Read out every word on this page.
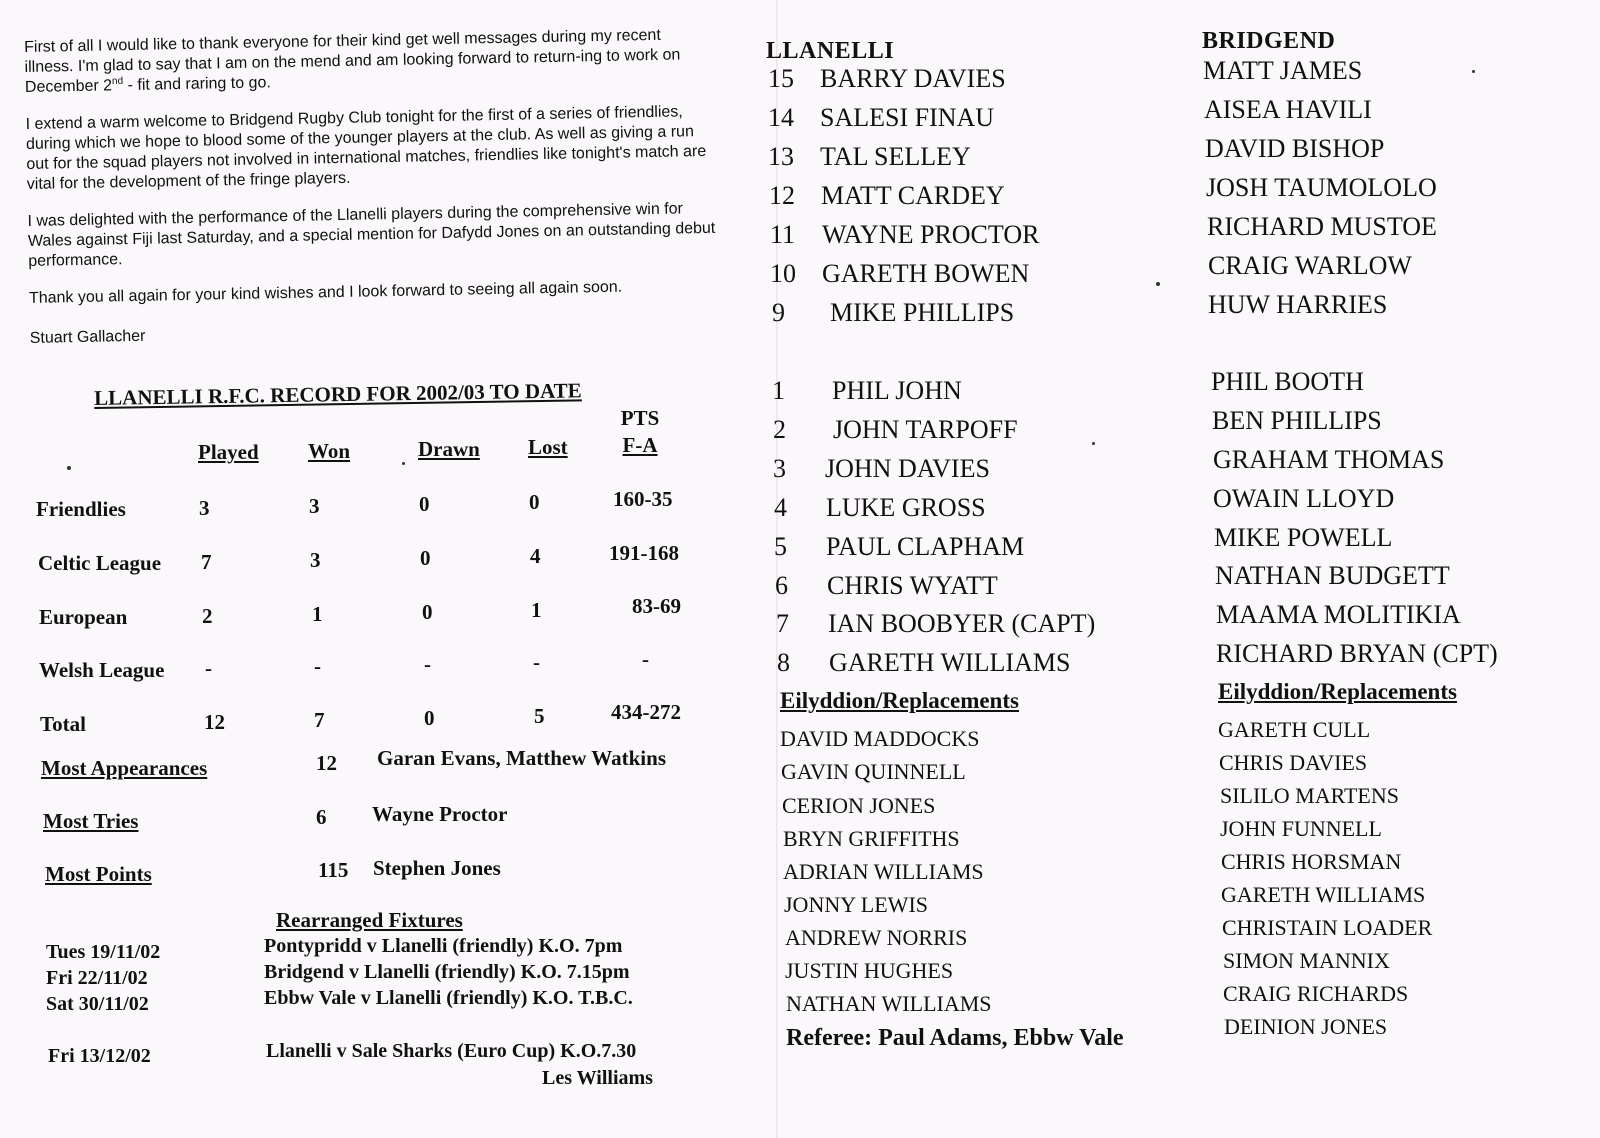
First of all I would like to thank everyone for their kind get well messages during my recent illness. I'm glad to say that I am on the mend and am looking forward to return-ing to work on December 2nd - fit and raring to go.

I extend a warm welcome to Bridgend Rugby Club tonight for the first of a series of friendlies, during which we hope to blood some of the younger players at the club. As well as giving a run out for the squad players not involved in international matches, friendlies like tonight's match are vital for the development of the fringe players.

I was delighted with the performance of the Llanelli players during the comprehensive win for Wales against Fiji last Saturday, and a special mention for Dafydd Jones on an outstanding debut performance.

Thank you all again for your kind wishes and I look forward to seeing all again soon.

Stuart Gallacher

LLANELLI R.F.C. RECORD FOR 2002/03 TO DATE
Played Won	Drawn Lost
PTS
F-A
Friendlies	3	3	0	0	160-35
Celtic League 7	3	0	4	191-168
European	2	1	0	1	83-69
Welsh League -	-	-	-	-
Total	12	7	0	5	434-272
Most Appearances	12 Garan Evans, Matthew Watkins
Most Tries	6 Wayne Proctor
Most Points	115 Stephen Jones
Rearranged Fixtures
Tues 19/11/02	Pontypridd v Llanelli (friendly) K.O. 7pm
Fri 22/11/02	Bridgend v Llanelli (friendly) K.O. 7.15pm
Sat 30/11/02	Ebbw Vale v Llanelli (friendly) K.O. T.B.C.
Fri 13/12/02	Llanelli v Sale Sharks (Euro Cup) K.O.7.30
Les Williams
LLANELLI
15 BARRY DAVIES
14 SALESI FINAU
13 TAL SELLEY
12 MATT CARDEY
11 WAYNE PROCTOR
10 GARETH BOWEN
9 MIKE PHILLIPS
1 PHIL JOHN
2 JOHN TARPOFF
3 JOHN DAVIES
4 LUKE GROSS
5 PAUL CLAPHAM
6 CHRIS WYATT
7 IAN BOOBYER (CAPT)
8 GARETH WILLIAMS
Eilyddion/Replacements
DAVID MADDOCKS
GAVIN QUINNELL
CERION JONES
BRYN GRIFFITHS
ADRIAN WILLIAMS
JONNY LEWIS
ANDREW NORRIS
JUSTIN HUGHES
NATHAN WILLIAMS
Referee: Paul Adams, Ebbw Vale
BRIDGEND
MATT JAMES
AISEA HAVILI
DAVID BISHOP
JOSH TAUMOLOLO
RICHARD MUSTOE
CRAIG WARLOW
HUW HARRIES
PHIL BOOTH
BEN PHILLIPS
GRAHAM THOMAS
OWAIN LLOYD
MIKE POWELL
NATHAN BUDGETT
MAAMA MOLITIKIA
RICHARD BRYAN (CPT)
Eilyddion/Replacements
GARETH CULL
CHRIS DAVIES
SILILO MARTENS
JOHN FUNNELL
CHRIS HORSMAN
GARETH WILLIAMS
CHRISTAIN LOADER
SIMON MANNIX
CRAIG RICHARDS
DEINION JONES
